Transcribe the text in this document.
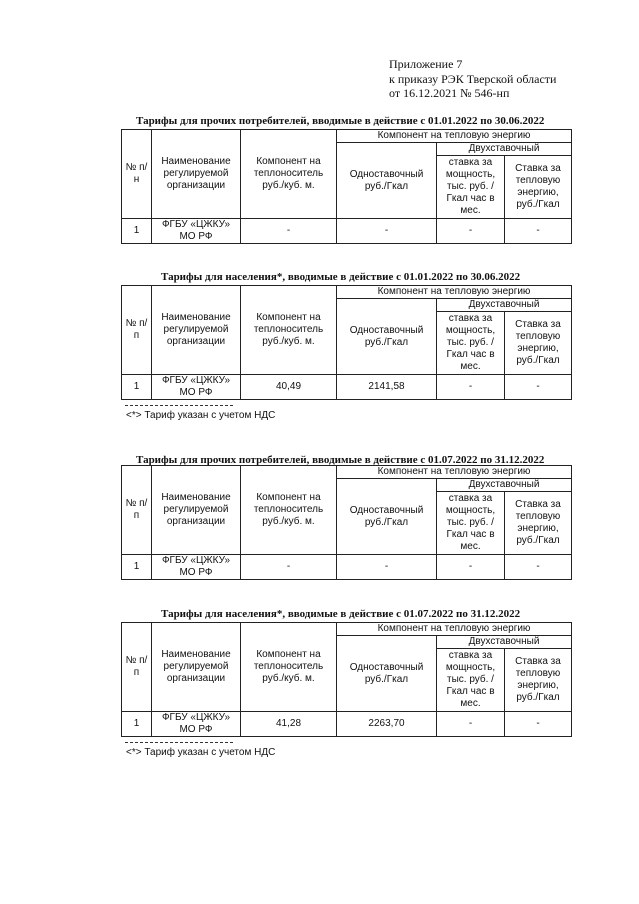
Приложение 7
к приказу РЭК Тверской области
от 16.12.2021 № 546-нп
Тарифы для прочих потребителей, вводимые в действие с 01.01.2022 по 30.06.2022
№ п/н	Наименование регулируемой организации	Компонент на теплоноситель руб./куб. м.	Компонент на тепловую энергию		
			Одноставочный руб./Гкал	Двухставочный	
				ставка за мощность, тыс. руб. /Гкал час в мес.	Ставка за тепловую энергию, руб./Гкал
1	ФГБУ «ЦЖКУ» МО РФ	-	-	-	-
Тарифы для населения*, вводимые в действие с 01.01.2022 по 30.06.2022
№ п/п	Наименование регулируемой организации	Компонент на теплоноситель руб./куб. м.	Компонент на тепловую энергию		
			Одноставочный руб./Гкал	Двухставочный	
				ставка за мощность, тыс. руб. /Гкал час в мес.	Ставка за тепловую энергию, руб./Гкал
1	ФГБУ «ЦЖКУ» МО РФ	40,49	2141,58	-	-
<*> Тариф указан с учетом НДС
Тарифы для прочих потребителей, вводимые в действие с 01.07.2022 по 31.12.2022
№ п/п	Наименование регулируемой организации	Компонент на теплоноситель руб./куб. м.	Компонент на тепловую энергию		
			Одноставочный руб./Гкал	Двухставочный	
				ставка за мощность, тыс. руб. /Гкал час в мес.	Ставка за тепловую энергию, руб./Гкал
1	ФГБУ «ЦЖКУ» МО РФ	-	-	-	-
Тарифы для населения*, вводимые в действие с 01.07.2022 по 31.12.2022
№ п/п	Наименование регулируемой организации	Компонент на теплоноситель руб./куб. м.	Компонент на тепловую энергию		
			Одноставочный руб./Гкал	Двухставочный	
				ставка за мощность, тыс. руб. /Гкал час в мес.	Ставка за тепловую энергию, руб./Гкал
1	ФГБУ «ЦЖКУ» МО РФ	41,28	2263,70	-	-
<*> Тариф указан с учетом НДС
